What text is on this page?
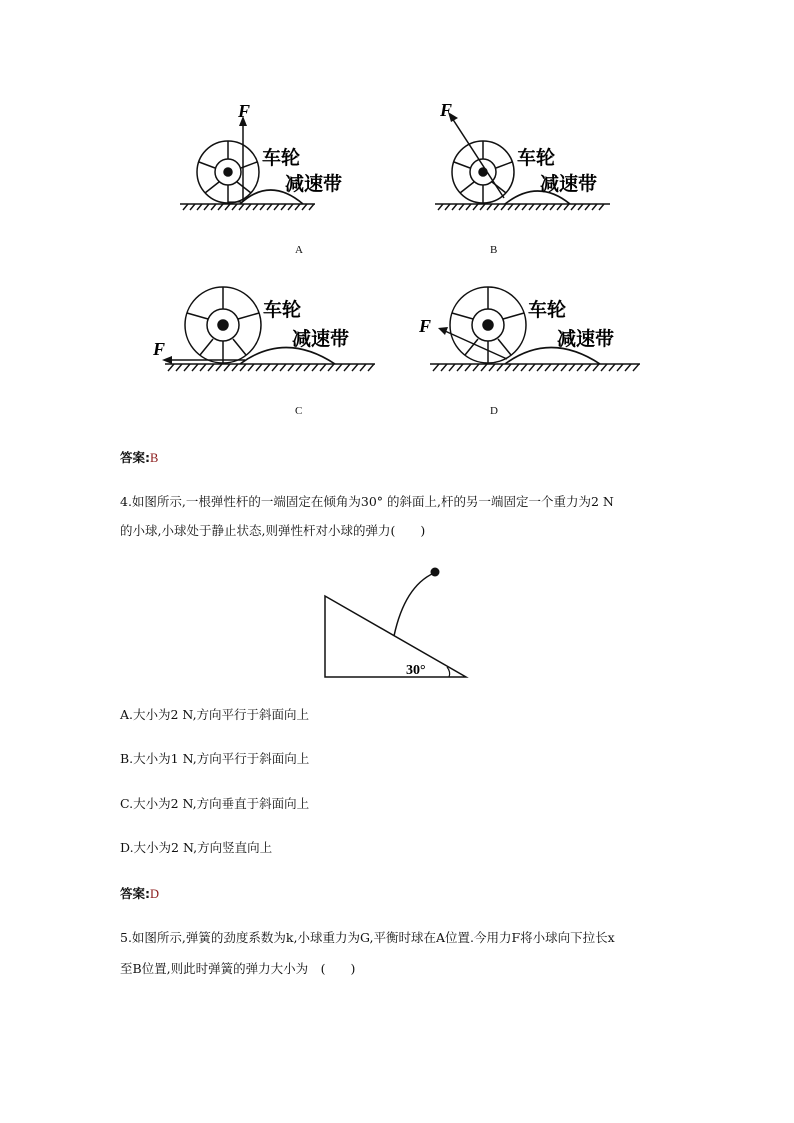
F
车轮
减速带
A
F
车轮
减速带
B
F
车轮
减速带
C
F
车轮
减速带
D
答案:B
4.如图所示,一根弹性杆的一端固定在倾角为30° 的斜面上,杆的另一端固定一个重力为2 N
的小球,小球处于静止状态,则弹性杆对小球的弹力(　　)
30°
A.大小为2 N,方向平行于斜面向上
B.大小为1 N,方向平行于斜面向上
C.大小为2 N,方向垂直于斜面向上
D.大小为2 N,方向竖直向上
答案:D
5.如图所示,弹簧的劲度系数为k,小球重力为G,平衡时球在A位置.今用力F将小球向下拉长x
至B位置,则此时弹簧的弹力大小为　(　　)
